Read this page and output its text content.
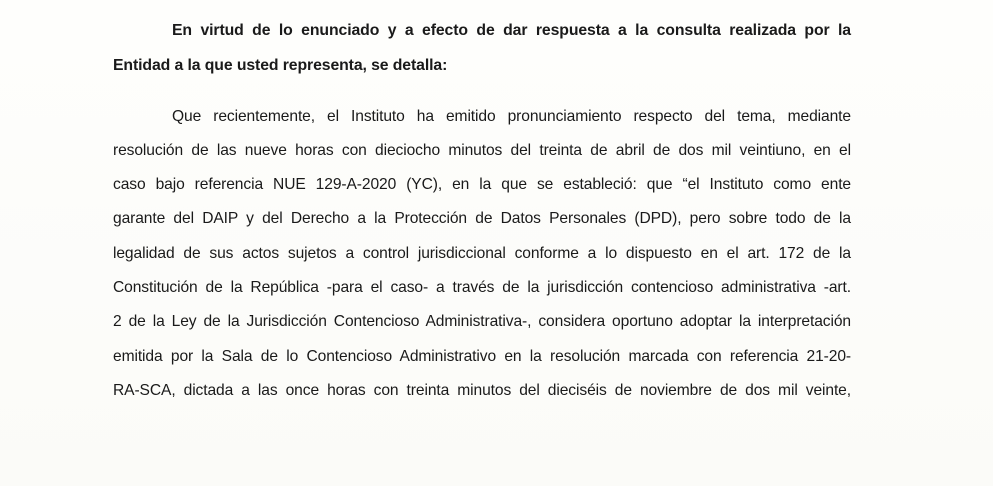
En virtud de lo enunciado y a efecto de dar respuesta a la consulta realizada por la
Entidad a la que usted representa, se detalla:
Que recientemente, el Instituto ha emitido pronunciamiento respecto del tema, mediante
resolución de las nueve horas con dieciocho minutos del treinta de abril de dos mil veintiuno, en el
caso bajo referencia NUE 129-A-2020 (YC), en la que se estableció: que “el Instituto como ente
garante del DAIP y del Derecho a la Protección de Datos Personales (DPD), pero sobre todo de la
legalidad de sus actos sujetos a control jurisdiccional conforme a lo dispuesto en el art. 172 de la
Constitución de la República -para el caso- a través de la jurisdicción contencioso administrativa -art.
2 de la Ley de la Jurisdicción Contencioso Administrativa-, considera oportuno adoptar la interpretación
emitida por la Sala de lo Contencioso Administrativo en la resolución marcada con referencia 21-20-
RA-SCA, dictada a las once horas con treinta minutos del dieciséis de noviembre de dos mil veinte,
